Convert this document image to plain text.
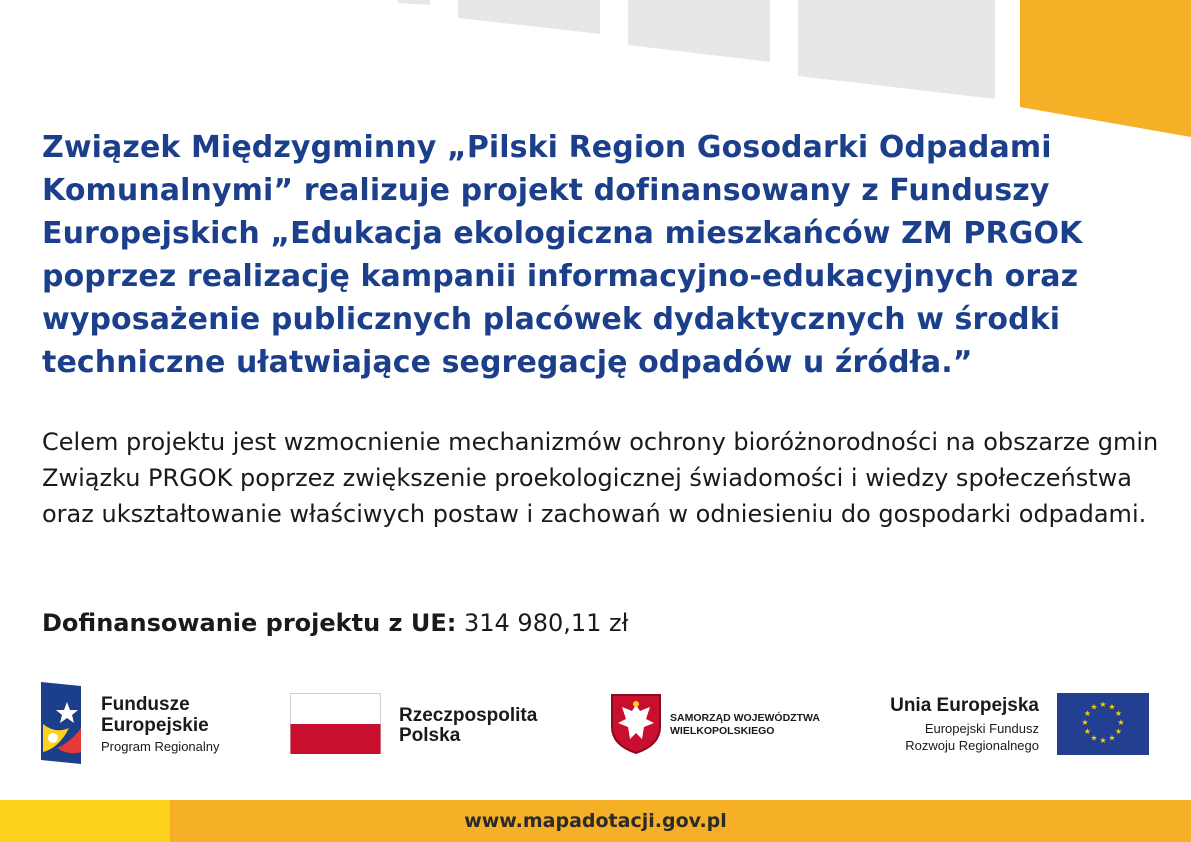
Związek Międzygminny „Pilski Region Gosodarki Odpadami Komunalnymi” realizuje projekt dofinansowany z Funduszy Europejskich „Edukacja ekologiczna mieszkańców ZM PRGOK poprzez realizację kampanii informacyjno-edukacyjnych oraz wyposażenie publicznych placówek dydaktycznych w środki techniczne ułatwiające segregację odpadów u źródła.”

Celem projektu jest wzmocnienie mechanizmów ochrony bioróżnorodności na obszarze gmin Związku PRGOK poprzez zwiększenie proekologicznej świadomości i wiedzy społeczeństwa oraz ukształtowanie właściwych postaw i zachowań w odniesieniu do gospodarki odpadami.

Dofinansowanie projektu z UE: 314 980,11 zł

Fundusze
Europejskie
Program Regionalny
Rzeczpospolita
Polska
SAMORZĄD WOJEWÓDZTWA
WIELKOPOLSKIEGO
Unia Europejska
Europejski Fundusz
Rozwoju Regionalnego
★ ★
★
★
★
★
★
★
★
★
★
★
www.mapadotacji.gov.pl
